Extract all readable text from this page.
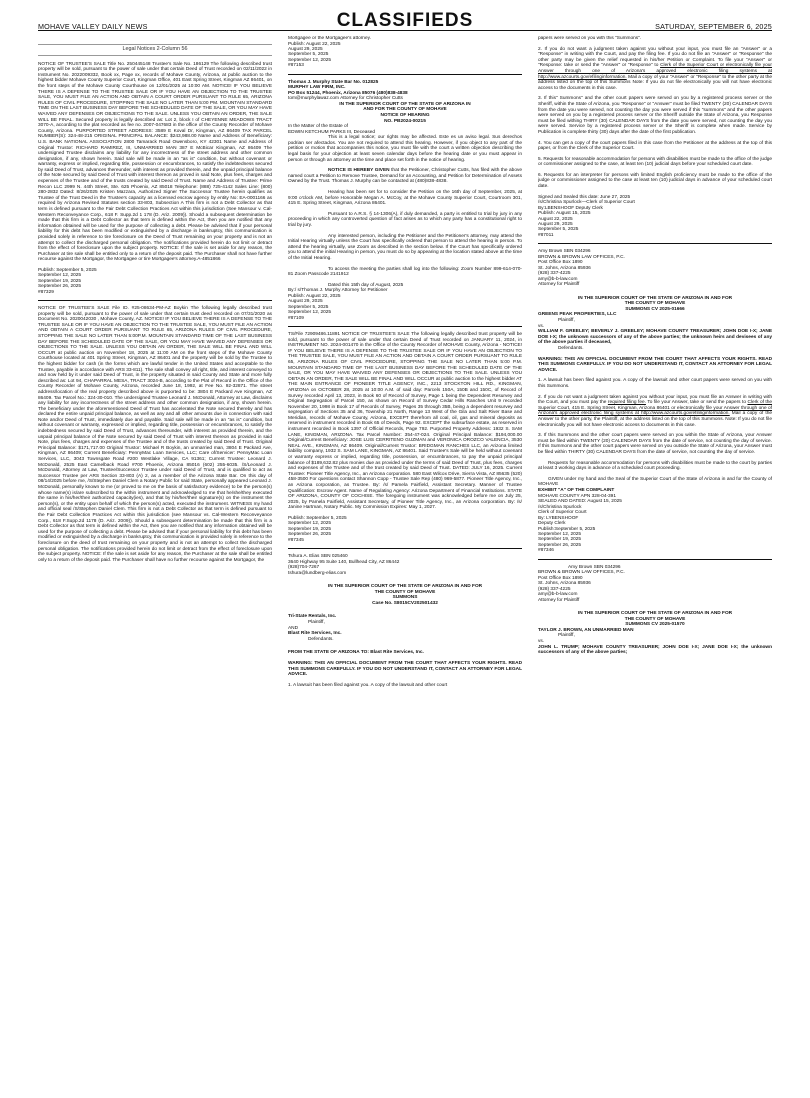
MOHAVE VALLEY DAILY NEWS	CLASSIFIEDS	SATURDAY, SEPTEMBER 6, 2025
Legal Notices 2-Column 56
NOTICE OF TRUSTEE'S SALE Title No. 250445148 Trustee's Sale No. 186129 The following described trust property will be sold, pursuant to the power of sale under that certain Deed of Trust recorded on 02/11/2022 in Instrument No. 2022009332, Book xx, Page xx, records of Mohave County, Arizona, at public auction to the highest bidder Mohave County Superior Court, Kingman Office, 401 East Spring Street, Kingman AZ 86401, on the front steps of the Mohave County Courthouse on 12/01/2025 at 10:00 AM. NOTICE! IF YOU BELIEVE THERE IS A DEFENSE TO THE TRUSTEE SALE OR IF YOU HAVE AN OBJECTION TO THE TRUSTEE SALE, YOU MUST FILE AN ACTION AND OBTAIN A COURT ORDER PURSUANT TO RULE 65, ARIZONA RULES OF CIVIL PROCEDURE, STOPPING THE SALE NO LATER THAN 5:00 PM. MOUNTAIN STANDARD TIME ON THE LAST BUSINESS DAY BEFORE THE SCHEDULED DATE OF THE SALE, OR YOU MAY HAVE WAIVED ANY DEFENSES OR OBJECTIONS TO THE SALE. UNLESS YOU OBTAIN AN ORDER, THE SALE WILL BE FINAL. Secured property is legally described as: Lot 2, block I of CHEYENNE MEADOWS TRACT 3070-A, according to the plat recorded as fee no. 2007-047683 in the office of the County Recorder of Mohave County, Arizona. PURPORTED STREET ADDRESS: 3589 E Koval Dr, Kingman, AZ 86409 TAX PARCEL NUMBER(S): 324-48-215 ORIGINAL PRINCIPAL BALANCE: $243,988.00 Name and Address of Beneficiary: U.S. BANK NATIONAL ASSOCIATION 2800 Tamarack Road Owensboro, KY 42301 Name and Address of Original Trustor: RICHARD RAMIREZ, III, UNMARRIED MAN 387 E McBicar Kingman, AZ 86409 The undersigned Trustee disclaims any liability for any incorrectness of the street address and other common designation, if any, shown herein. Said sale will be made in an "as is" condition, but without covenant or warranty, express or implied, regarding title, possession or encumbrances, to satisfy the indebtedness secured by said Deed of Trust, advances thereunder, with interest as provided therein, and the unpaid principal balance of the Note secured by said Deed of Trust with interest thereon as proved in said Note, plus fees, charges and expenses of the Trustee and of the trusts created by said Deed of Trust. Name and Address of Trustee: Prime Recon LLC 2999 N. 44th Street, Ste. 625 Phoenix, AZ 85018 Telephone: (888) 725-4142 Sales Line: (800) 280-2832 Dated: 8/26/2025 Kristen Mazzara, Authorized Signer The Successor Trustee herein qualifies as Trustee of the Trust Deed in the Trustee's capacity as a licensed escrow agency by entity No: EA-0001166 as required by Arizona Revised Statutes section 33-803, Subsection A This firm is not a Debt Collector as that term is defined pursuant to the Fair Debt Collection Practices Act within this jurisdiction (See Mansour v. Cal-Western Reconveyance Corp., 618 F. Supp.2d 1 178 (D. Ariz. 2009)). Should a subsequent determination be made that this firm is a Debt Collector as that term is defined within the Act, then you are notified that any information obtained will be used for the purpose of collecting a debt. Please be advised that if your personal liability for this debt has been modified or extinguished by a discharge in bankruptcy, this communication is provided solely in reference to tire foreclosure on the Deed of Trust remaining on your property and is not an attempt to collect the discharged personal obligation. The notifications provided herein do not limit or detract from the effect of foreclosure upon the subject property. NOTICE: If the sale is set aside for any reason, the Purchaser at tire sale shall be entitled only to a return of the deposit paid. The Purchaser shall not have further recourse against the Mortgagor, the Mortgagee or tire Mortgagee's attorney.A-4851866
Publish: September 5, 2025
September 12, 2025
September 19, 2025
September 26, 2025
#87329
NOTICE OF TRUSTEE'S SALE File ID. #25-08634-PM-AZ Boykin The following legally described trust property will be sold, pursuant to the power of sale under that certain trust deed recorded on 07/31/2020 as Document No. 2020042030 , Mohave County, AZ. NOTICE! IF YOU BELIEVE THERE IS A DEFENSE TO THE TRUSTEE SALE OR IF YOU HAVE AN OBJECTION TO THE TRUSTEE SALE, YOU MUST FILE AN ACTION AND OBTAIN A COURT ORDER PURSUANT TO RULE 65, ARIZONA RULES OF CIVIL PROCEDURE, STOPPING THE SALE NO LATER THAN 5:00P.M. MOUNTAIN STANDARD TIME OF THE LAST BUSINESS DAY BEFORE THE SCHEDULED DATE OF THE SALE, OR YOU MAY HAVE WAIVED ANY DEFENSES OR OBJECTIONS TO THE SALE. UNLESS YOU OBTAIN AN ORDER, THE SALE WILL BE FINAL AND WILL OCCUR at public auction on November 18, 2025 at 11:00 AM on the front steps of the Mohave County Courthouse located at 401 Spring Street, Kingman, AZ 86401 and the property will be sold by the Trustee to the highest bidder for cash (in the forms which are lawful tender in the United States and acceptable to the Trustee, payable in accordance with ARS 33-811). The sale shall convey all right, title, and interest conveyed to and now held by it under said Deed of Trust, in the property situated in said County and State and more fully described as: Lot 94, CHAPARRAL MESA, TRACT 3024-B, according to the Plat of Record in the Office of the County Recorder of Mohave County, Arizona, recorded June 18, 1992, at Fee No. 92-32871. The street address/location of the real property described above is purported to be: 3804 E Packard Ave Kingman, AZ 86409. Tax Parcel No.: 324-30-010. The undersigned Trustee Leonard J. McDonald, Attorney at Law, disclaims any liability for any incorrectness of the street address and other common designation, if any, shown herein. The beneficiary under the aforementioned Deed of Trust has accelerated the Note secured thereby and has declared the entire unpaid principal balance, as well as any and all other amounts due in connection with said Note and/or Deed of Trust, immediately due and payable. Said sale will be made in an "as is" condition, but without covenant or warranty, expressed or implied, regarding title, possession or encumbrances, to satisfy the indebtedness secured by said Deed of Trust, advances thereunder, with interest as provided therein, and the unpaid principal balance of the Note secured by said Deed of Trust with interest thereon as provided in said Note, plus fees, charges and expenses of the Trustee and of the trusts created by said Deed of Trust. Original Principal Balance: $171,717.00 Original Trustor: Michael R Boykin, an unmarried man, 3804 E Packard Ave, Kingman, AZ 86409; Current Beneficiary: PennyMac Loan Services, LLC; Care of/Servicer: PennyMac Loan Services, LLC, 3043 Townsgate Road #200 Westlake Village, CA 91361; Current Trustee: Leonard J. McDonald, 2525 East Camelback Road #700 Phoenix, Arizona 85016 (602) 255-6035. /S/Leonard J. McDonald, Attorney at Law, Trustee/Successor Trustee under said Deed of Trust, and is qualified to act as Successor Trustee per ARS Section 33-803 (A) 2, as a member of the Arizona State Bar. On this day of 08/14/2025 before me, /S/Stephen Daniel Clem a Notary Public for said State, personally appeared Leonard J. McDonald, personally known to me (or proved to me on the basis of satisfactory evidence) to be the person(s) whose name(s) is/are subscribed to the within instrument and acknowledged to me that he/she/they executed the same in his/her/their authorized capacity(ies), and that by his/her/their signature(s) on the instrument the person(s), or the entity upon behalf of which the person(s) acted, executed the instrument. WITNESS my hand and official seal /S/Stephen Daniel Clem. This firm is not a Debt Collector as that term is defined pursuant to the Fair Debt Collection Practices Act within this jurisdiction (see Mansour vs. Cal-Western Reconveyance Corp., 618 F.Supp.2d 1178 (D. Ariz. 2009)). Should a subsequent determination be made that this firm is a Debt Collector as that term is defined within the Act, then you are notified that any information obtained will be used for the purpose of collecting a debt. Please be advised that if your personal liability for this debt has been modified or extinguished by a discharge in bankruptcy, this communication is provided solely in reference to the foreclosure on the deed of trust remaining on your property and is not an attempt to collect the discharged personal obligation. The notifications provided herein do not limit or detract from the effect of foreclosure upon the subject property. NOTICE: If the sale is set aside for any reason, the Purchaser at the sale shall be entitled only to a return of the deposit paid. The Purchaser shall have no further recourse against the Mortgagor, the
Mortgagee or the Mortgagee's attorney.
Publish: August 22, 2025
August 29, 2025
September 5, 2025
September 12, 2025
#87153
Thomas J. Murphy State Bar No. 012825
MURPHY LAW FIRM, INC.
PO Box 51244, Phoenix, Arizona 85076 (480)838-4838
tom@murphylawaz.com Attorney for Christopher Cutts
IN THE SUPERIOR COURT OF THE STATE OF ARIZONA IN
AND FOR THE COUNTY OF MOHAVE
NOTICE OF HEARING
NO. PB2024-00215
In the Matter of the Estate of
EDWIN KETCHUM PARKS III, Deceased
This is a legal notice; our rights may be affected. Este es un aviso legal. Sus derechos podrian ser afectados. You are not required to attend this hearing. However, if you object to any part of the petition or motion that accompanies this notice, you must file with the court a written objection describing the legal basis for your objection at least seven calendar days before the hearing date or you must appear in person or through an attorney at the time and place set forth in the notice of hearing.
NOTICE IS HEREBY GIVEN that the Petitioner, Christopher Cutts, has filed with the above named court a Petition to Remove Trustee, Demand for an Accounting, and Petition for Determination of Assets Owned by the Trust. Thomas J. Murphy can be contacted at (480)838-4838.
Hearing has been set for to consider the Petition on the 16th day of September, 2025, at 9:00 o'clock AM, before Honorable Megan A. McCoy, at the Mohave County Superior Court, Courtroom 301, 415 E. Spring Street, Kingman, Arizona 86401.
Pursuant to A.R.S. § 14-1306(A), if duly demanded, a party is entitled to trial by jury in any proceeding in which any controverted question of fact arises as to which any party has a constitutional right to trial by jury.
Any interested person, including the Petitioner and the Petitioner's attorney, may attend the Initial Hearing virtually unless the Court has specifically ordered that person to attend the hearing in person. To attend the hearing virtually, use Zoom as described in the section below. If the Court has specifically ordered you to attend the initial Hearing in person, you must do so by appearing at the location stated above at the time of the Initial Hearing.
To access the meeting the parties shall log into the following: Zoom Number 899-614-070-81 Zoom Passcode 2141912
Dated this 15th day of August, 2025
By:/ s/Thomas J. Murphy Attorney for Petitioner
Publish: August 22, 2025
August 29, 2025
September 5, 2025
September 12, 2025
#87109
TS/File 72909486.11891 NOTICE OF TRUSTEE'S SALE The following legally described trust property will be sold, pursuant to the power of sale under that certain Deed of Trust recorded on JANUARY 11, 2024, in INSTRUMENT NO. 2024-001470 in the Office of the County Recorder of MOHAVE County, Arizona - NOTICE! IF YOU BELIEVE THERE IS A DEFENSE TO THE TRUSTEE SALE OR IF YOU HAVE AN OBJECTION TO THE TRUSTEE SALE, YOU MUST FILE AN ACTION AND OBTAIN A COURT ORDER PURSUANT TO RULE 65, ARIZONA RULES OF CIVIL PROCEDURE, STOPPING THE SALE NO LATER THAN 5:00 P.M. MOUNTAIN STANDARD TIME OF THE LAST BUSINESS DAY BEFORE THE SCHEDULED DATE OF THE SALE, OR YOU MAY HAVE WAIVED ANY DEFENSES OR OBJECTIONS TO THE SALE. UNLESS YOU OBTAIN AN ORDER, THE SALE WILL BE FINAL AND WILL OCCUR at public auction to the highest bidder AT THE MAIN ENTRANCE OF PIONEER TITLE AGENCY, INC., 2213 STOCKTON HILL RD., KINGMAN, ARIZONA on OCTOBER 28, 2025 at 10:00 A.M. of said day: Parcels 150A, 150B and 150C, of Record of Survey recorded April 13, 2023, in Book 60 of Record of Survey, Page 1 being the Dependent Resurvey and Original Segregation of Parcel 150, as shown on Record of Survey Cedar Hills Ranches Unit 9 recorded November 20, 1998 in Book 17 of Records of Survey, Pages 35 through 35B, being a dependent resurvey and segregation of Sections 35 and 36, Township 21 North, Range 13 West of the Gila and Salt River Base and Meridian, records of Mohave County, Arizona, EXCEPT therefrom all coal, oil, gas and mineral deposits as reserved in instrument recorded in Book 65 of Deeds, Page 92. EXCEPT the subsurface estate, as reserved in instrument recorded in Book 1397 of Official Records, Page 792. Purported Property Address: 1932 S. SAM LANE, KINGMAN, ARIZONA. Tax Parcel Number: 354-47-024. Original Principal Balance: $194,000.00 Original/Current Beneficiary: JOSE LUIS CERRITENO GUZMAN and VERONICA OROZCO VALENCIA, 3530 NEAL AVE., KINGMAN, AZ 86409. Original/Current Trustor: BRIDGMAN RANCHES LLC, an Arizona limited liability company, 1932 S. SAM LANE, KINGMAN, AZ 86401. Said Trustee's Sale will be held without covenant or warranty express or implied, regarding title, possession, or encumbrances, to pay the unpaid principal balance of $189,632.82 plus monies due as provided under the terms of said Deed of Trust, plus fees, charges and expenses of the Trustee and of the trust created by said Deed of Trust. DATED: JULY 16, 2025. Current Trustee: Pioneer Title Agency, Inc., an Arizona corporation. 580 East Wilcox Drive, Sierra Vista, AZ 85635 (520) 458-3500 For questions contact Shannon Copp - Trustee Sale Rep (480) 969-5877. Pioneer Title Agency, Inc., an Arizona corporation, as Trustee. By: /s/ Pamela Fairfield, Assistant Secretary. Manner of Trustee Qualification: Escrow Agent. Name of Regulating Agency: Arizona Department of Financial Institutions. STATE OF ARIZONA, COUNTY OF COCHISE. The foregoing instrument was acknowledged before me on July 25, 2025, by Pamela Fairfield, Assistant Secretary, of Pioneer Title Agency, Inc., an Arizona corporation. By: /s/ Janine Hartman, Notary Public. My Commission Expires: May 1, 2027.
Publish: September 5, 2025
September 12, 2025
September 19, 2025
September 26, 2025
#87345
Tshura A. Elias SBN 025460
3640 Highway 95 Suite 140, Bullhead City, AZ 86442
(928)704-7267
tshura@lundberg-elias.com
IN THE SUPERIOR COURT OF THE STATE OF ARIZONA IN AND FOR
THE COUNTY OF MOHAVE
SUMMONS
Case No. S8015CV202501432
Tri-State Rentals, Inc.
Plaintiff,
AND
Blast Rite Services, Inc.
Defendants.
FROM THE STATE OF ARIZONA TO: Blast Rite Services, Inc.
WARNING: THIS AN OFFICIAL DOCUMENT FROM THE COURT THAT AFFECTS YOUR RIGHTS. READ THIS SUMMONS CAREFULLY. IF YOU DO NOT UNDERSTAND IT, CONTACT AN ATTORNEY FOR LEGAL ADVICE.
1. A lawsuit has been filed against you. A copy of the lawsuit and other court
papers were served on you with this "Summons".
2. If you do not want a judgment taken against you without your input, you must file an "Answer" or a "Response" in writing with the Court, and pay the filing fee. If you do not file an "Answer" or "Response" the other party may be given the relief requested in his/her Petition or Complaint. To file your "Answer" or "Response: take or send the "Answer" or "Response" to Clerk of the Superior Court or electronically file your Answer through one of Arizona's approved electronic filing systems at http://www.azcourts.gov/efilinginformation. Mail a copy of your "Answer" or "Response" to the other party at the address listed on the top of this Summons Note: If you do not file electronically you will not have electronic access to the documents in this case.
3. If this" Summons" and the other court papers were served on you by a registered process server or the Sheriff, within the State of Arizona, you "Response" or "Answer" must be filed TWENTY (20) CALENDAR DAYS from the date you were served, not counting the day you were served if this "summons" and the other papers were served on you by a registered process server or the Sheriff outside the State of Arizona, you Response must be filed withing THIRY (30) CALENDAR DAYS from the date you were served, not counting the day you were served. Service by a registered process server or the Sheriff is complete when made. Service by Publication is complete thirty (30) days after the date of the first publication.
4. You can get a copy of the court papers filed in this case from the Petitioner at the address at the top of this paper, or from the Clerk of the Superior Court.
5. Requests for reasonable accommodation for persons with disabilities must be made to the office of the judge or commissioner assigned to the case, at least ten (10) judicial days before your scheduled court date.
6. Requests for an interpreter for persons with limited English proficiency must be made to the office of the judge or commissioner assigned to the case at least ten (10) judicial days in advance of your scheduled court date.
Signed and Sealed this date: June 27, 2025
/s/Christina Spurlock—Clerk of Superior Court
By:LBENSHOOF Deputy Clerk
Publish: August 15, 2025
August 22, 2025
August 29, 2025
September 5, 2025
#87011
Amy Brown SBN 034296
BROWN & BROWN LAW OFFICES, P.C.
Post Office Box 1890
St. Johns, Arizona 85936
(928) 337-4225
amy@b-b-law.com
Attorney for Plaintiff
IN THE SUPERIOR COURT OF THE STATE OF ARIZONA IN AND FOR
THE COUNTY OF MOHAVE
SUMMONS CV 2025-01666
GREENS PEAK PROPERTIES, LLC
Plaintiff,
vs.
WILLIAM F. GREELEY; BEVERLY J. GREELEY; MOHAVE COUNTY TREASURER; JOHN DOE I-X; JANE DOE I-X; the unknown successors of any of the above parties; the unknown heirs and devisees of any of the above parties if deceased,
Defendants.
WARNING: THIS AN OFFICIAL DOCUMENT FROM THE COURT THAT AFFECTS YOUR RIGHTS. READ THIS SUMMONS CAREFULLY. IF YOU DO NOT UNDERSTAND IT, CONTACT AN ATTORNEY FOR LEGAL ADVICE.
1. A lawsuit has been filed against you. A copy of the lawsuit and other court papers were served on you with this Summons.
2. If you do not want a judgment taken against you without your input, you must file an Answer in writing with the Court, and you must pay the required filing fee. To file your Answer, take or send the papers to Clerk of the Superior Court, 415 E. Spring Street, Kingman, Arizona 86401 or electronically file your Answer through one of Arizona's approved electronic filing systems at http://www.azcourts.gov/efilinginformation. Mail a copy of the Answer to the other party, the Plaintiff, at the address listed on the top of this Summons. Note: If you do not file electronically you will not have electronic access to documents in this case.
3. If this Summons and the other court papers were served on you within the State of Arizona, your Answer must be filed within TWENTY (20) CALENDAR DAYS from the date of service, not counting the day of service. If this Summons and the other court papers were served on you outside the State of Arizona, your Answer must be filed within THIRTY (30) CALENDAR DAYS from the date of service, not counting the day of service.
Requests for reasonable accommodation for persons with disabilities must be made to the court by parties at least 3 working days in advance of a scheduled court proceeding.
GIVEN under my hand and the Seal of the Superior Court of the State of Arizona in and for the County of MOHAVE
EXHIBIT "A" OF THE COMPLAINT
MOHAVE COUNTY APN 328-04-391
SEALED AND DATED: August 15, 2025
/s/Christina Spurlock
Clerk of Superior Court
By: LYBENSHOOF
Deputy Clerk
Publish:September 5, 2025
September 12, 2025
September 19, 2025
September 26, 2025
#87346
Amy Brown SBN 034296
BROWN & BROWN LAW OFFICES, P.C.
Post Office Box 1890
St. Johns, Arizona 85936
(928) 337-4225
amy@b-b-law.com
Attorney for Plaintiff
IN THE SUPERIOR COURT OF THE STATE OF ARIZONA IN AND FOR
THE COUNTY OF MOHAVE
SUMMONS CV 2025-01570
TAYLOR J. BROWN, AN UNMARRIED MAN
Plaintiff,
vs.
JOHN L. TRUMP; MOHAVE COUNTY TREASURER; JOHN DOE I-X; JANE DOE I-X; the unknown successors of any of the above parties;
